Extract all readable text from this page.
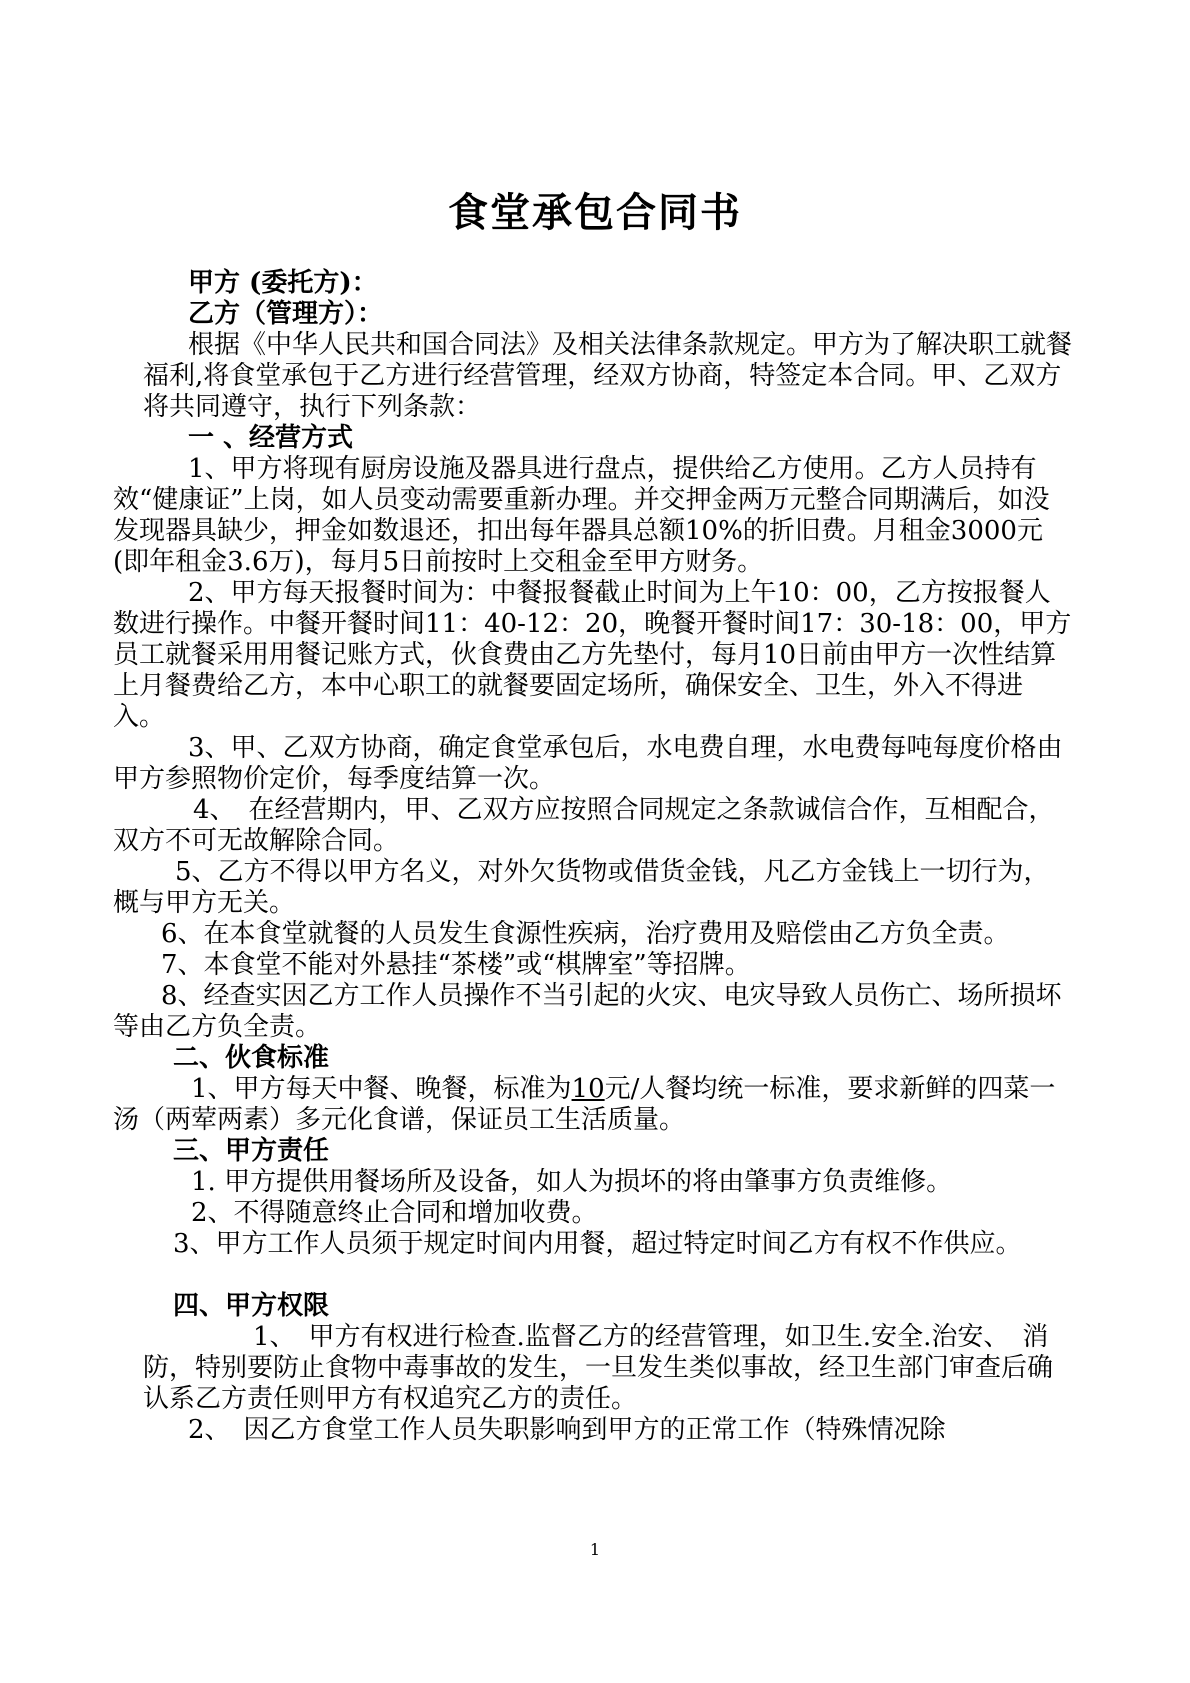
食堂承包合同书

甲方 (委托方)：

乙方（管理方）：

根据《中华人民共和国合同法》及相关法律条款规定。甲方为了解决职工就餐福利,将食堂承包于乙方进行经营管理，经双方协商，特签定本合同。甲、乙双方将共同遵守，执行下列条款：

一 、经营方式

1、甲方将现有厨房设施及器具进行盘点，提供给乙方使用。乙方人员持有效“健康证”上岗，如人员变动需要重新办理。并交押金两万元整合同期满后，如没发现器具缺少，押金如数退还，扣出每年器具总额10%的折旧费。月租金3000元(即年租金3.6万)，每月5日前按时上交租金至甲方财务。

2、甲方每天报餐时间为：中餐报餐截止时间为上午10：00，乙方按报餐人数进行操作。中餐开餐时间11：40-12：20，晚餐开餐时间17：30-18：00，甲方员工就餐采用用餐记账方式，伙食费由乙方先垫付，每月10日前由甲方一次性结算上月餐费给乙方，本中心职工的就餐要固定场所，确保安全、卫生，外入不得进入。

3、甲、乙双方协商，确定食堂承包后，水电费自理，水电费每吨每度价格由甲方参照物价定价，每季度结算一次。

4、　在经营期内，甲、乙双方应按照合同规定之条款诚信合作，互相配合，双方不可无故解除合同。

5、乙方不得以甲方名义，对外欠货物或借货金钱，凡乙方金钱上一切行为，概与甲方无关。

6、在本食堂就餐的人员发生食源性疾病，治疗费用及赔偿由乙方负全责。

7、本食堂不能对外悬挂“茶楼”或“棋牌室”等招牌。

8、经查实因乙方工作人员操作不当引起的火灾、电灾导致人员伤亡、场所损坏等由乙方负全责。

二、伙食标准

1、甲方每天中餐、晚餐，标准为10元/人餐均统一标准，要求新鲜的四菜一汤（两荤两素）多元化食谱，保证员工生活质量。

三、甲方责任

1. 甲方提供用餐场所及设备，如人为损坏的将由肇事方负责维修。

2、不得随意终止合同和增加收费。

3、甲方工作人员须于规定时间内用餐，超过特定时间乙方有权不作供应。

四、甲方权限

1、　甲方有权进行检查.监督乙方的经营管理，如卫生.安全.治安、　消防，特别要防止食物中毒事故的发生，一旦发生类似事故，经卫生部门审查后确认系乙方责任则甲方有权追究乙方的责任。

2、　因乙方食堂工作人员失职影响到甲方的正常工作（特殊情况除

1
